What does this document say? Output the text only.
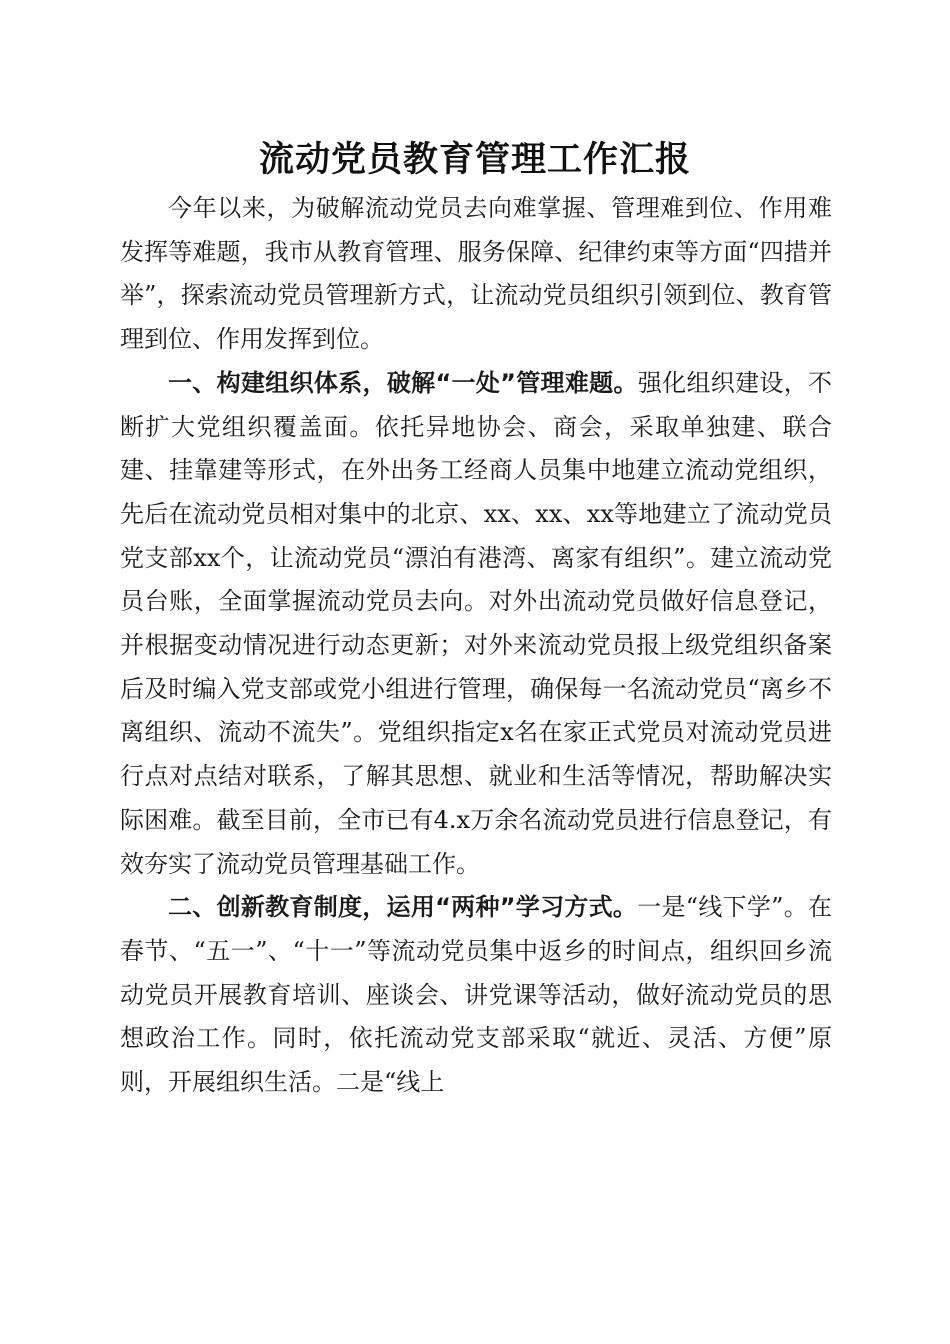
流动党员教育管理工作汇报

今年以来，为破解流动党员去向难掌握、管理难到位、作用难发挥等难题，我市从教育管理、服务保障、纪律约束等方面“四措并举”，探索流动党员管理新方式，让流动党员组织引领到位、教育管理到位、作用发挥到位。

一、构建组织体系，破解“一处”管理难题。强化组织建设，不断扩大党组织覆盖面。依托异地协会、商会，采取单独建、联合建、挂靠建等形式，在外出务工经商人员集中地建立流动党组织，先后在流动党员相对集中的北京、xx、xx、xx等地建立了流动党员党支部xx个，让流动党员“漂泊有港湾、离家有组织”。建立流动党员台账，全面掌握流动党员去向。对外出流动党员做好信息登记，并根据变动情况进行动态更新；对外来流动党员报上级党组织备案后及时编入党支部或党小组进行管理，确保每一名流动党员“离乡不离组织、流动不流失”。党组织指定x名在家正式党员对流动党员进行点对点结对联系，了解其思想、就业和生活等情况，帮助解决实际困难。截至目前，全市已有4.x万余名流动党员进行信息登记，有效夯实了流动党员管理基础工作。

二、创新教育制度，运用“两种”学习方式。一是“线下学”。在春节、“五一”、“十一”等流动党员集中返乡的时间点，组织回乡流动党员开展教育培训、座谈会、讲党课等活动，做好流动党员的思想政治工作。同时，依托流动党支部采取“就近、灵活、方便”原则，开展组织生活。二是“线上
